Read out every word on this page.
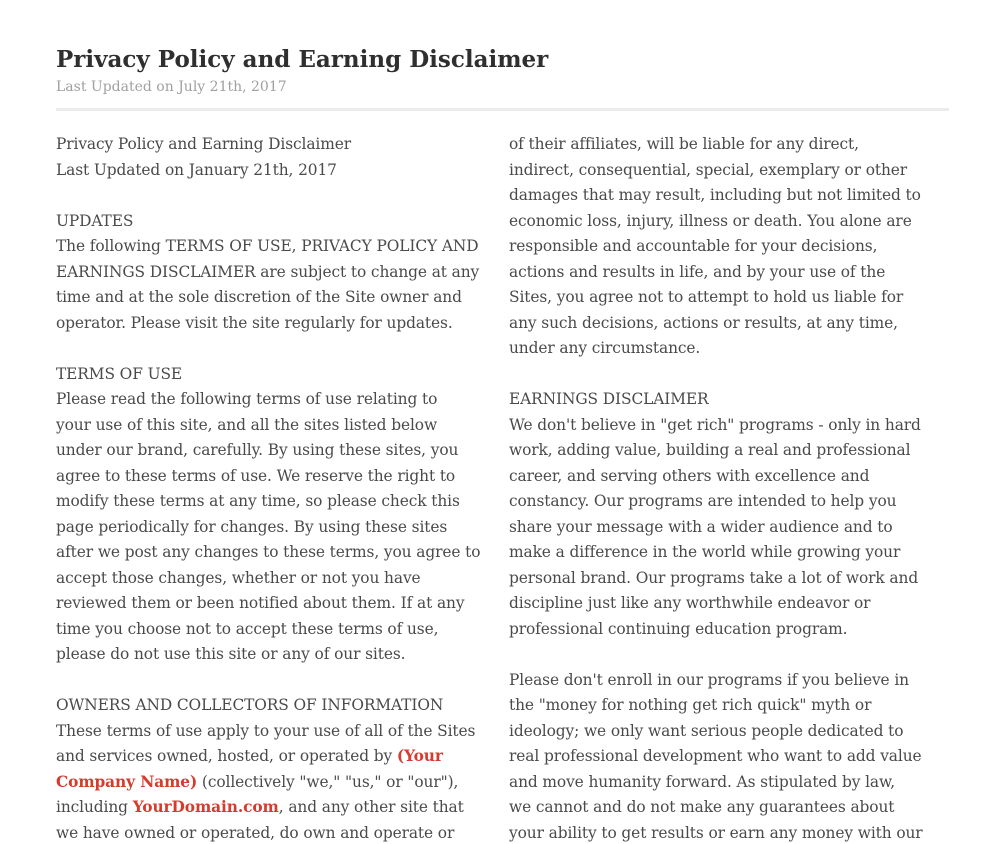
Privacy Policy and Earning Disclaimer
Last Updated on July 21th, 2017

Privacy Policy and Earning Disclaimer
Last Updated on January 21th, 2017

UPDATES
The following TERMS OF USE, PRIVACY POLICY AND
EARNINGS DISCLAIMER are subject to change at any
time and at the sole discretion of the Site owner and
operator. Please visit the site regularly for updates.

TERMS OF USE
Please read the following terms of use relating to
your use of this site, and all the sites listed below
under our brand, carefully. By using these sites, you
agree to these terms of use. We reserve the right to
modify these terms at any time, so please check this
page periodically for changes. By using these sites
after we post any changes to these terms, you agree to
accept those changes, whether or not you have
reviewed them or been notified about them. If at any
time you choose not to accept these terms of use,
please do not use this site or any of our sites.

OWNERS AND COLLECTORS OF INFORMATION
These terms of use apply to your use of all of the Sites
and services owned, hosted, or operated by (Your
Company Name) (collectively "we," "us," or "our"),
including YourDomain.com, and any other site that
we have owned or operated, do own and operate or

of their affiliates, will be liable for any direct,
indirect, consequential, special, exemplary or other
damages that may result, including but not limited to
economic loss, injury, illness or death. You alone are
responsible and accountable for your decisions,
actions and results in life, and by your use of the
Sites, you agree not to attempt to hold us liable for
any such decisions, actions or results, at any time,
under any circumstance.

EARNINGS DISCLAIMER
We don't believe in "get rich" programs - only in hard
work, adding value, building a real and professional
career, and serving others with excellence and
constancy. Our programs are intended to help you
share your message with a wider audience and to
make a difference in the world while growing your
personal brand. Our programs take a lot of work and
discipline just like any worthwhile endeavor or
professional continuing education program.

Please don't enroll in our programs if you believe in
the "money for nothing get rich quick" myth or
ideology; we only want serious people dedicated to
real professional development who want to add value
and move humanity forward. As stipulated by law,
we cannot and do not make any guarantees about
your ability to get results or earn any money with our
